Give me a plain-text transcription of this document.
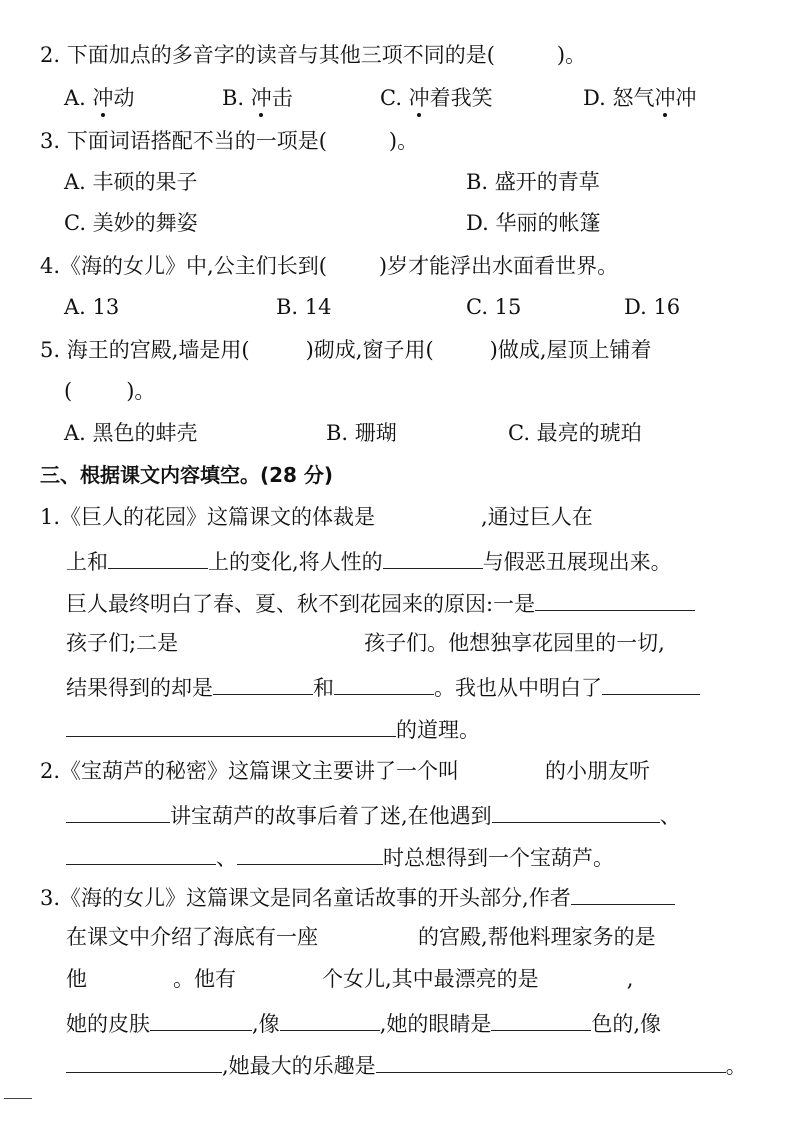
2. 下面加点的多音字的读音与其他三项不同的是(	)。
A. 冲动	B. 冲击	C. 冲着我笑	D. 怒气冲冲
3. 下面词语搭配不当的一项是(	)。
A. 丰硕的果子	B. 盛开的青草
C. 美妙的舞姿	D. 华丽的帐篷
4.《海的女儿》中,公主们长到( )岁才能浮出水面看世界。
A. 13	B. 14	C. 15	D. 16
5. 海王的宫殿,墙是用(	)砌成,窗子用(	)做成,屋顶上铺着
(	)。
A. 黑色的蚌壳	B. 珊瑚	C. 最亮的琥珀
三、根据课文内容填空。(28 分)
1.《巨人的花园》这篇课文的体裁是	,通过巨人在
上和	上的变化,将人性的	与假恶丑展现出来。
巨人最终明白了春、夏、秋不到花园来的原因:一是
孩子们;二是	孩子们。他想独享花园里的一切,
结果得到的却是	和	。我也从中明白了
的道理。
2.《宝葫芦的秘密》这篇课文主要讲了一个叫	的小朋友听
讲宝葫芦的故事后着了迷,在他遇到	、
、	时总想得到一个宝葫芦。
3.《海的女儿》这篇课文是同名童话故事的开头部分,作者
在课文中介绍了海底有一座	的宫殿,帮他料理家务的是
他	。他有	个女儿,其中最漂亮的是	,
她的皮肤	,像	,她的眼睛是	色的,像
,她最大的乐趣是	。
